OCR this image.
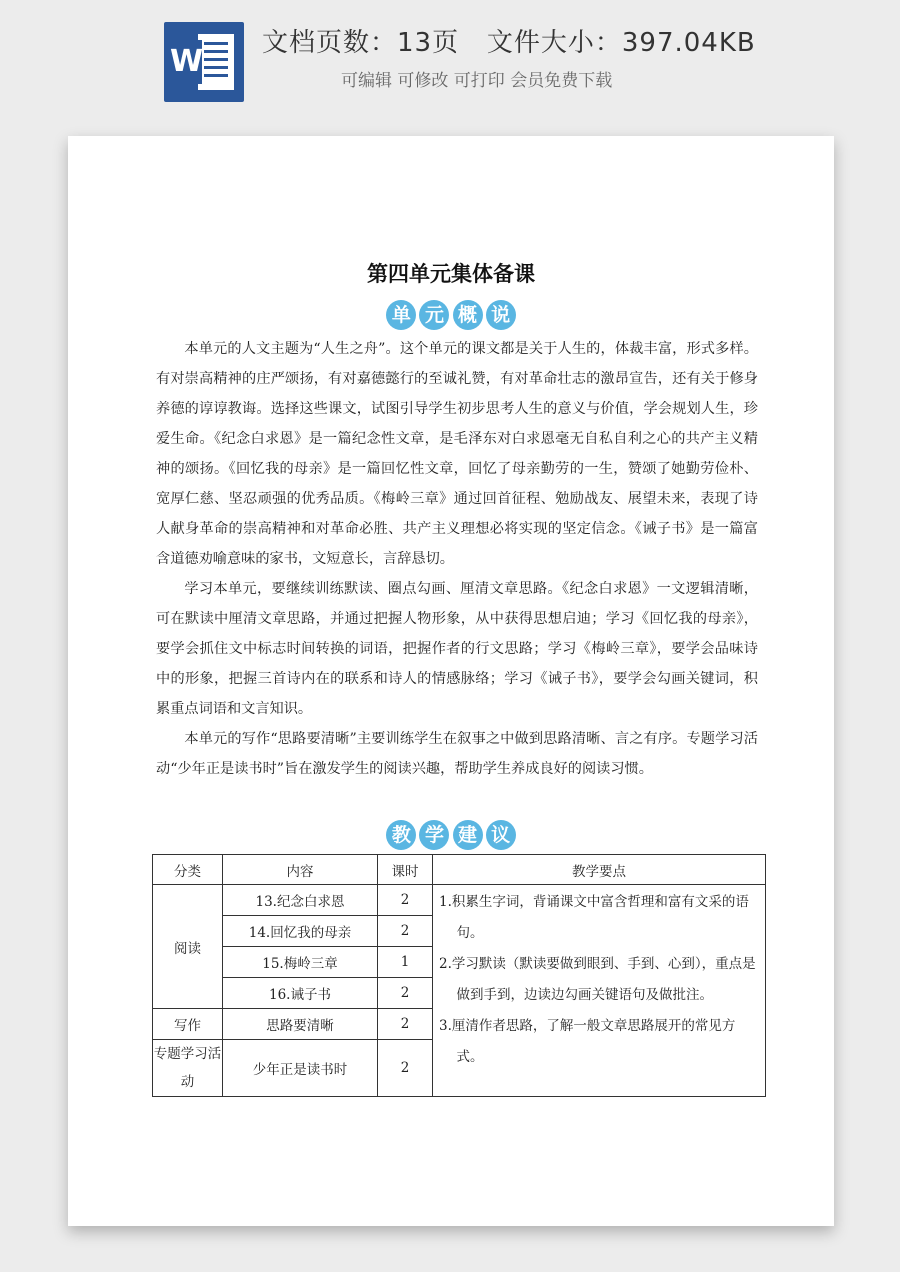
W
文档页数：13页   文件大小：397.04KB
可编辑 可修改 可打印 会员免费下载
第四单元集体备课
单 元 概 说

本单元的人文主题为“人生之舟”。这个单元的课文都是关于人生的，体裁丰富，形式多样。有对崇高精神的庄严颂扬，有对嘉德懿行的至诚礼赞，有对革命壮志的激昂宣告，还有关于修身养德的谆谆教诲。选择这些课文，试图引导学生初步思考人生的意义与价值，学会规划人生，珍爱生命。《纪念白求恩》是一篇纪念性文章，是毛泽东对白求恩毫无自私自利之心的共产主义精神的颂扬。《回忆我的母亲》是一篇回忆性文章，回忆了母亲勤劳的一生，赞颂了她勤劳俭朴、宽厚仁慈、坚忍顽强的优秀品质。《梅岭三章》通过回首征程、勉励战友、展望未来，表现了诗人献身革命的崇高精神和对革命必胜、共产主义理想必将实现的坚定信念。《诫子书》是一篇富含道德劝喻意味的家书，文短意长，言辞恳切。

学习本单元，要继续训练默读、圈点勾画、厘清文章思路。《纪念白求恩》一文逻辑清晰，可在默读中厘清文章思路，并通过把握人物形象，从中获得思想启迪；学习《回忆我的母亲》，要学会抓住文中标志时间转换的词语，把握作者的行文思路；学习《梅岭三章》，要学会品味诗中的形象，把握三首诗内在的联系和诗人的情感脉络；学习《诫子书》，要学会勾画关键词，积累重点词语和文言知识。

本单元的写作“思路要清晰”主要训练学生在叙事之中做到思路清晰、言之有序。专题学习活动“少年正是读书时”旨在激发学生的阅读兴趣，帮助学生养成良好的阅读习惯。

教 学 建 议
分类	内容	课时	教学要点
阅读	13.纪念白求恩	2	1.积累生字词，背诵课文中富含哲理和富有文采的语句。
2.学习默读（默读要做到眼到、手到、心到），重点是做到手到，边读边勾画关键语句及做批注。
3.厘清作者思路，了解一般文章思路展开的常见方式。

	14.回忆我的母亲	2	
	15.梅岭三章	1	
	16.诫子书	2	
写作	思路要清晰	2	
专题学习活动	少年正是读书时	2	
